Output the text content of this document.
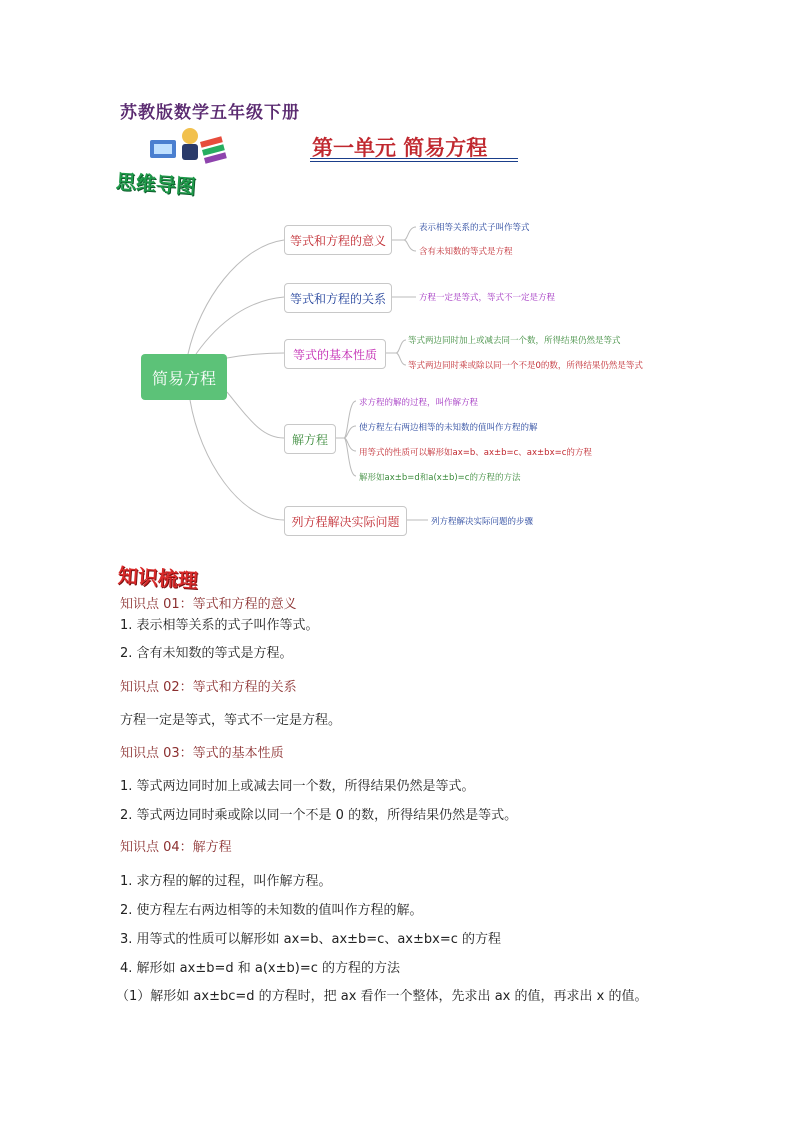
苏教版数学五年级下册
第一单元 简易方程
思维导图
简易方程
等式和方程的意义
等式和方程的关系
等式的基本性质
解方程
列方程解决实际问题
表示相等关系的式子叫作等式
含有未知数的等式是方程
方程一定是等式，等式不一定是方程
等式两边同时加上或减去同一个数，所得结果仍然是等式
等式两边同时乘或除以同一个不是0的数，所得结果仍然是等式
求方程的解的过程，叫作解方程
使方程左右两边相等的未知数的值叫作方程的解
用等式的性质可以解形如ax=b、ax±b=c、ax±bx=c的方程
解形如ax±b=d和a(x±b)=c的方程的方法
列方程解决实际问题的步骤
知识梳理
知识点 01：等式和方程的意义
1. 表示相等关系的式子叫作等式。
2. 含有未知数的等式是方程。
知识点 02：等式和方程的关系
方程一定是等式，等式不一定是方程。
知识点 03：等式的基本性质
1. 等式两边同时加上或减去同一个数，所得结果仍然是等式。
2. 等式两边同时乘或除以同一个不是 0 的数，所得结果仍然是等式。
知识点 04：解方程
1. 求方程的解的过程，叫作解方程。
2. 使方程左右两边相等的未知数的值叫作方程的解。
3. 用等式的性质可以解形如 ax=b、ax±b=c、ax±bx=c 的方程
4. 解形如 ax±b=d 和 a(x±b)=c 的方程的方法
（1）解形如 ax±bc=d 的方程时，把 ax 看作一个整体，先求出 ax 的值，再求出 x 的值。
